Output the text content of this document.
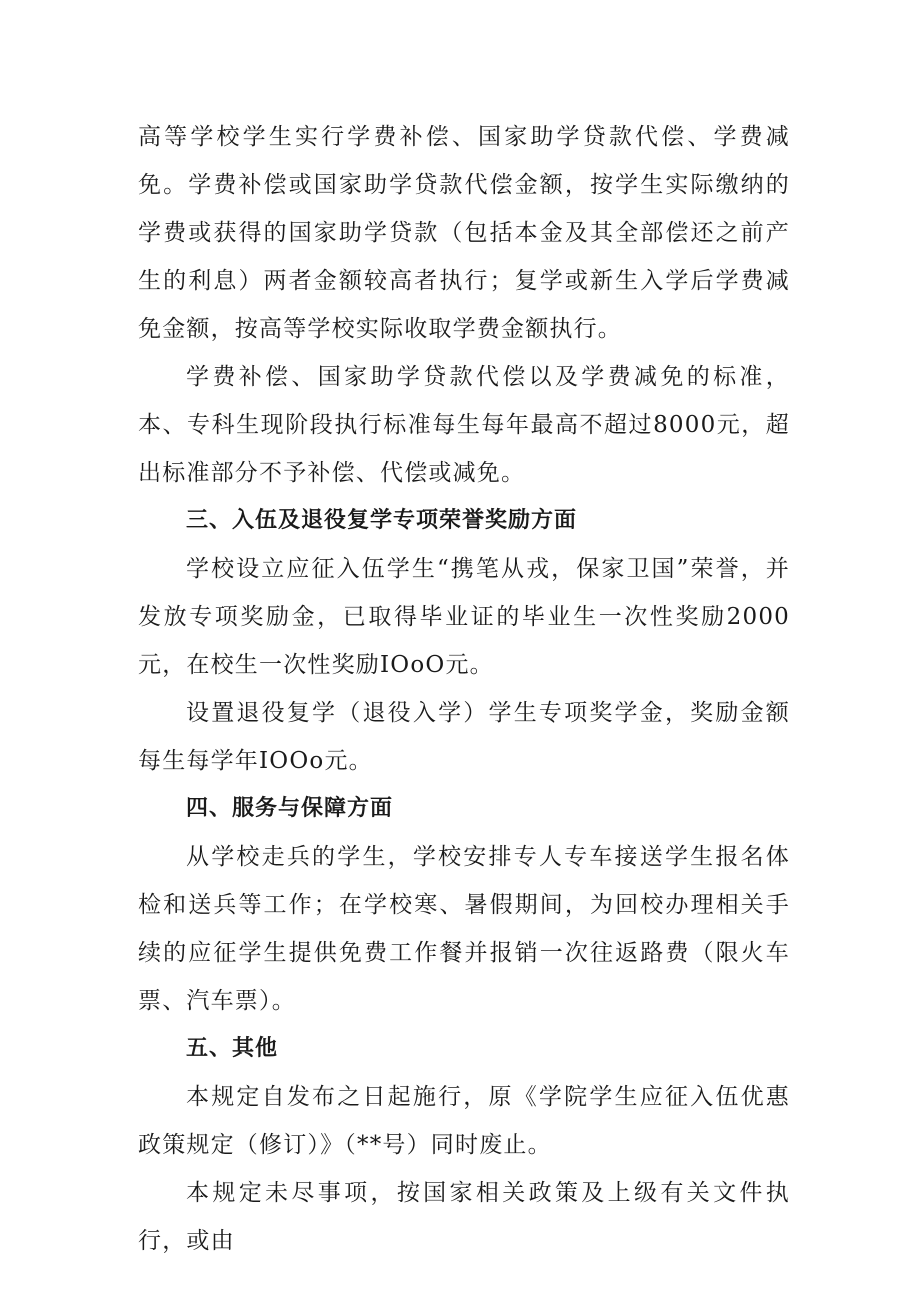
高等学校学生实行学费补偿、国家助学贷款代偿、学费减免。学费补偿或国家助学贷款代偿金额，按学生实际缴纳的学费或获得的国家助学贷款（包括本金及其全部偿还之前产生的利息）两者金额较高者执行；复学或新生入学后学费减免金额，按高等学校实际收取学费金额执行。

学费补偿、国家助学贷款代偿以及学费减免的标准，本、专科生现阶段执行标准每生每年最高不超过8000元，超出标准部分不予补偿、代偿或减免。

三、入伍及退役复学专项荣誉奖励方面

学校设立应征入伍学生“携笔从戎，保家卫国”荣誉，并发放专项奖励金，已取得毕业证的毕业生一次性奖励2000元，在校生一次性奖励IOoO元。

设置退役复学（退役入学）学生专项奖学金，奖励金额每生每学年IOOo元。

四、服务与保障方面

从学校走兵的学生，学校安排专人专车接送学生报名体检和送兵等工作；在学校寒、暑假期间，为回校办理相关手续的应征学生提供免费工作餐并报销一次往返路费（限火车票、汽车票）。

五、其他

本规定自发布之日起施行，原《学院学生应征入伍优惠政策规定（修订）》（**号）同时废止。

本规定未尽事项，按国家相关政策及上级有关文件执行，或由
